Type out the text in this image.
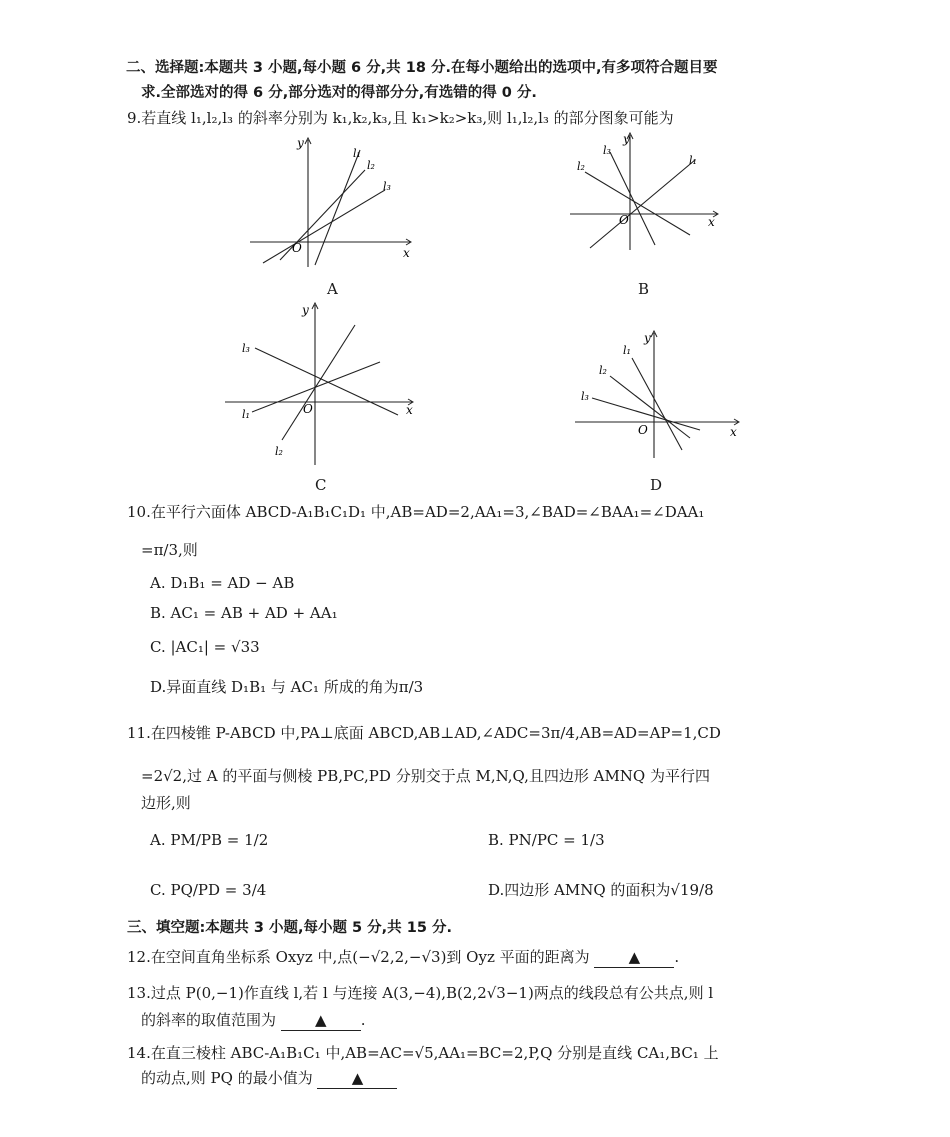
二、选择题:本题共 3 小题,每小题 6 分,共 18 分.在每小题给出的选项中,有多项符合题目要
求.全部选对的得 6 分,部分选对的得部分分,有选错的得 0 分.
9.若直线 l₁,l₂,l₃ 的斜率分别为 k₁,k₂,k₃,且 k₁>k₂>k₃,则 l₁,l₂,l₃ 的部分图象可能为
y
x
O
l₁
l₂
l₃
A
y
x
O
l₁
l₂
l₃
B
y
x
O
l₁
l₂
l₃
C
y
x
O
l₁
l₂
l₃
D
10.在平行六面体 ABCD-A₁B₁C₁D₁ 中,AB=AD=2,AA₁=3,∠BAD=∠BAA₁=∠DAA₁
=π/3,则
A. D₁B₁ = AD − AB
B. AC₁ = AB + AD + AA₁
C. |AC₁| = √33
D.异面直线 D₁B₁ 与 AC₁ 所成的角为π/3
11.在四棱锥 P-ABCD 中,PA⊥底面 ABCD,AB⊥AD,∠ADC=3π/4,AB=AD=AP=1,CD
=2√2,过 A 的平面与侧棱 PB,PC,PD 分别交于点 M,N,Q,且四边形 AMNQ 为平行四
边形,则
A. PM/PB = 1/2	B. PN/PC = 1/3
C. PQ/PD = 3/4	D.四边形 AMNQ 的面积为√19/8
三、填空题:本题共 3 小题,每小题 5 分,共 15 分.
12.在空间直角坐标系 Oxyz 中,点(−√2,2,−√3)到 Oyz 平面的距离为	▲ .
13.过点 P(0,−1)作直线 l,若 l 与连接 A(3,−4),B(2,2√3−1)两点的线段总有公共点,则 l
的斜率的取值范围为	▲ .
14.在直三棱柱 ABC-A₁B₁C₁ 中,AB=AC=√5,AA₁=BC=2,P,Q 分别是直线 CA₁,BC₁ 上
的动点,则 PQ 的最小值为	▲
